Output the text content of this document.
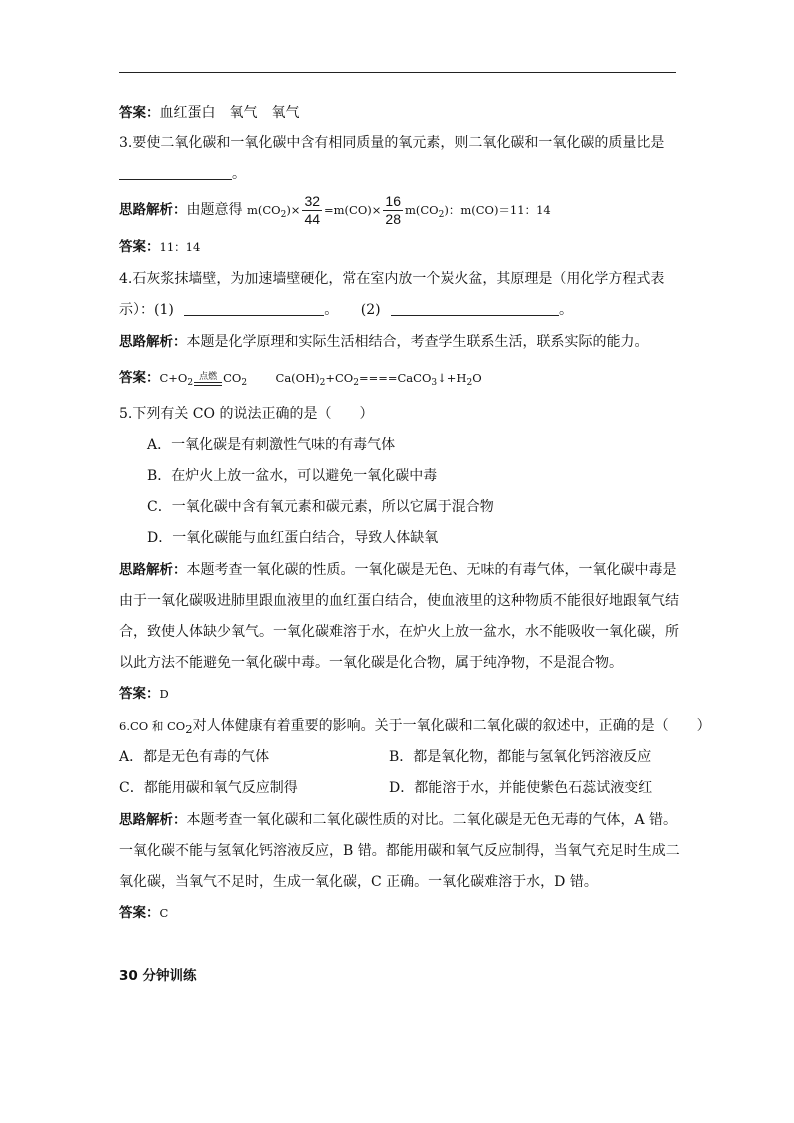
答案：血红蛋白　氧气　氧气
3.要使二氧化碳和一氧化碳中含有相同质量的氧元素，则二氧化碳和一氧化碳的质量比是
。
思路解析：由题意得 $m(CO_2)\times \frac{32}{44} =m(CO)\times \frac{16}{28} m(CO_2)$：m(CO)＝11：14
答案：11：14
4.石灰浆抹墙壁，为加速墙壁硬化，常在室内放一个炭火盆，其原理是（用化学方程式表
示）：(1)	。 (2)	。
思路解析：本题是化学原理和实际生活相结合，考查学生联系生活，联系实际的能力。
答案：$C+O_2$
点燃 $CO_2$ $Ca(OH)_2+CO_2====CaCO_3↓+H_2O$
5.下列有关 CO 的说法正确的是（　　）
A．一氧化碳是有刺激性气味的有毒气体
B．在炉火上放一盆水，可以避免一氧化碳中毒
C．一氧化碳中含有氧元素和碳元素，所以它属于混合物
D．一氧化碳能与血红蛋白结合，导致人体缺氧
思路解析：本题考查一氧化碳的性质。一氧化碳是无色、无味的有毒气体，一氧化碳中毒是
由于一氧化碳吸进肺里跟血液里的血红蛋白结合，使血液里的这种物质不能很好地跟氧气结
合，致使人体缺少氧气。一氧化碳难溶于水，在炉火上放一盆水，水不能吸收一氧化碳，所
以此方法不能避免一氧化碳中毒。一氧化碳是化合物，属于纯净物，不是混合物。
答案：D
6.CO 和 $CO_2$对人体健康有着重要的影响。关于一氧化碳和二氧化碳的叙述中，正确的是（　　）
A．都是无色有毒的气体	B．都是氧化物，都能与氢氧化钙溶液反应
C．都能用碳和氧气反应制得	D．都能溶于水，并能使紫色石蕊试液变红
思路解析：本题考查一氧化碳和二氧化碳性质的对比。二氧化碳是无色无毒的气体，A 错。
一氧化碳不能与氢氧化钙溶液反应，B 错。都能用碳和氧气反应制得，当氧气充足时生成二
氧化碳，当氧气不足时，生成一氧化碳，C 正确。一氧化碳难溶于水，D 错。
答案：C
30 分钟训练
